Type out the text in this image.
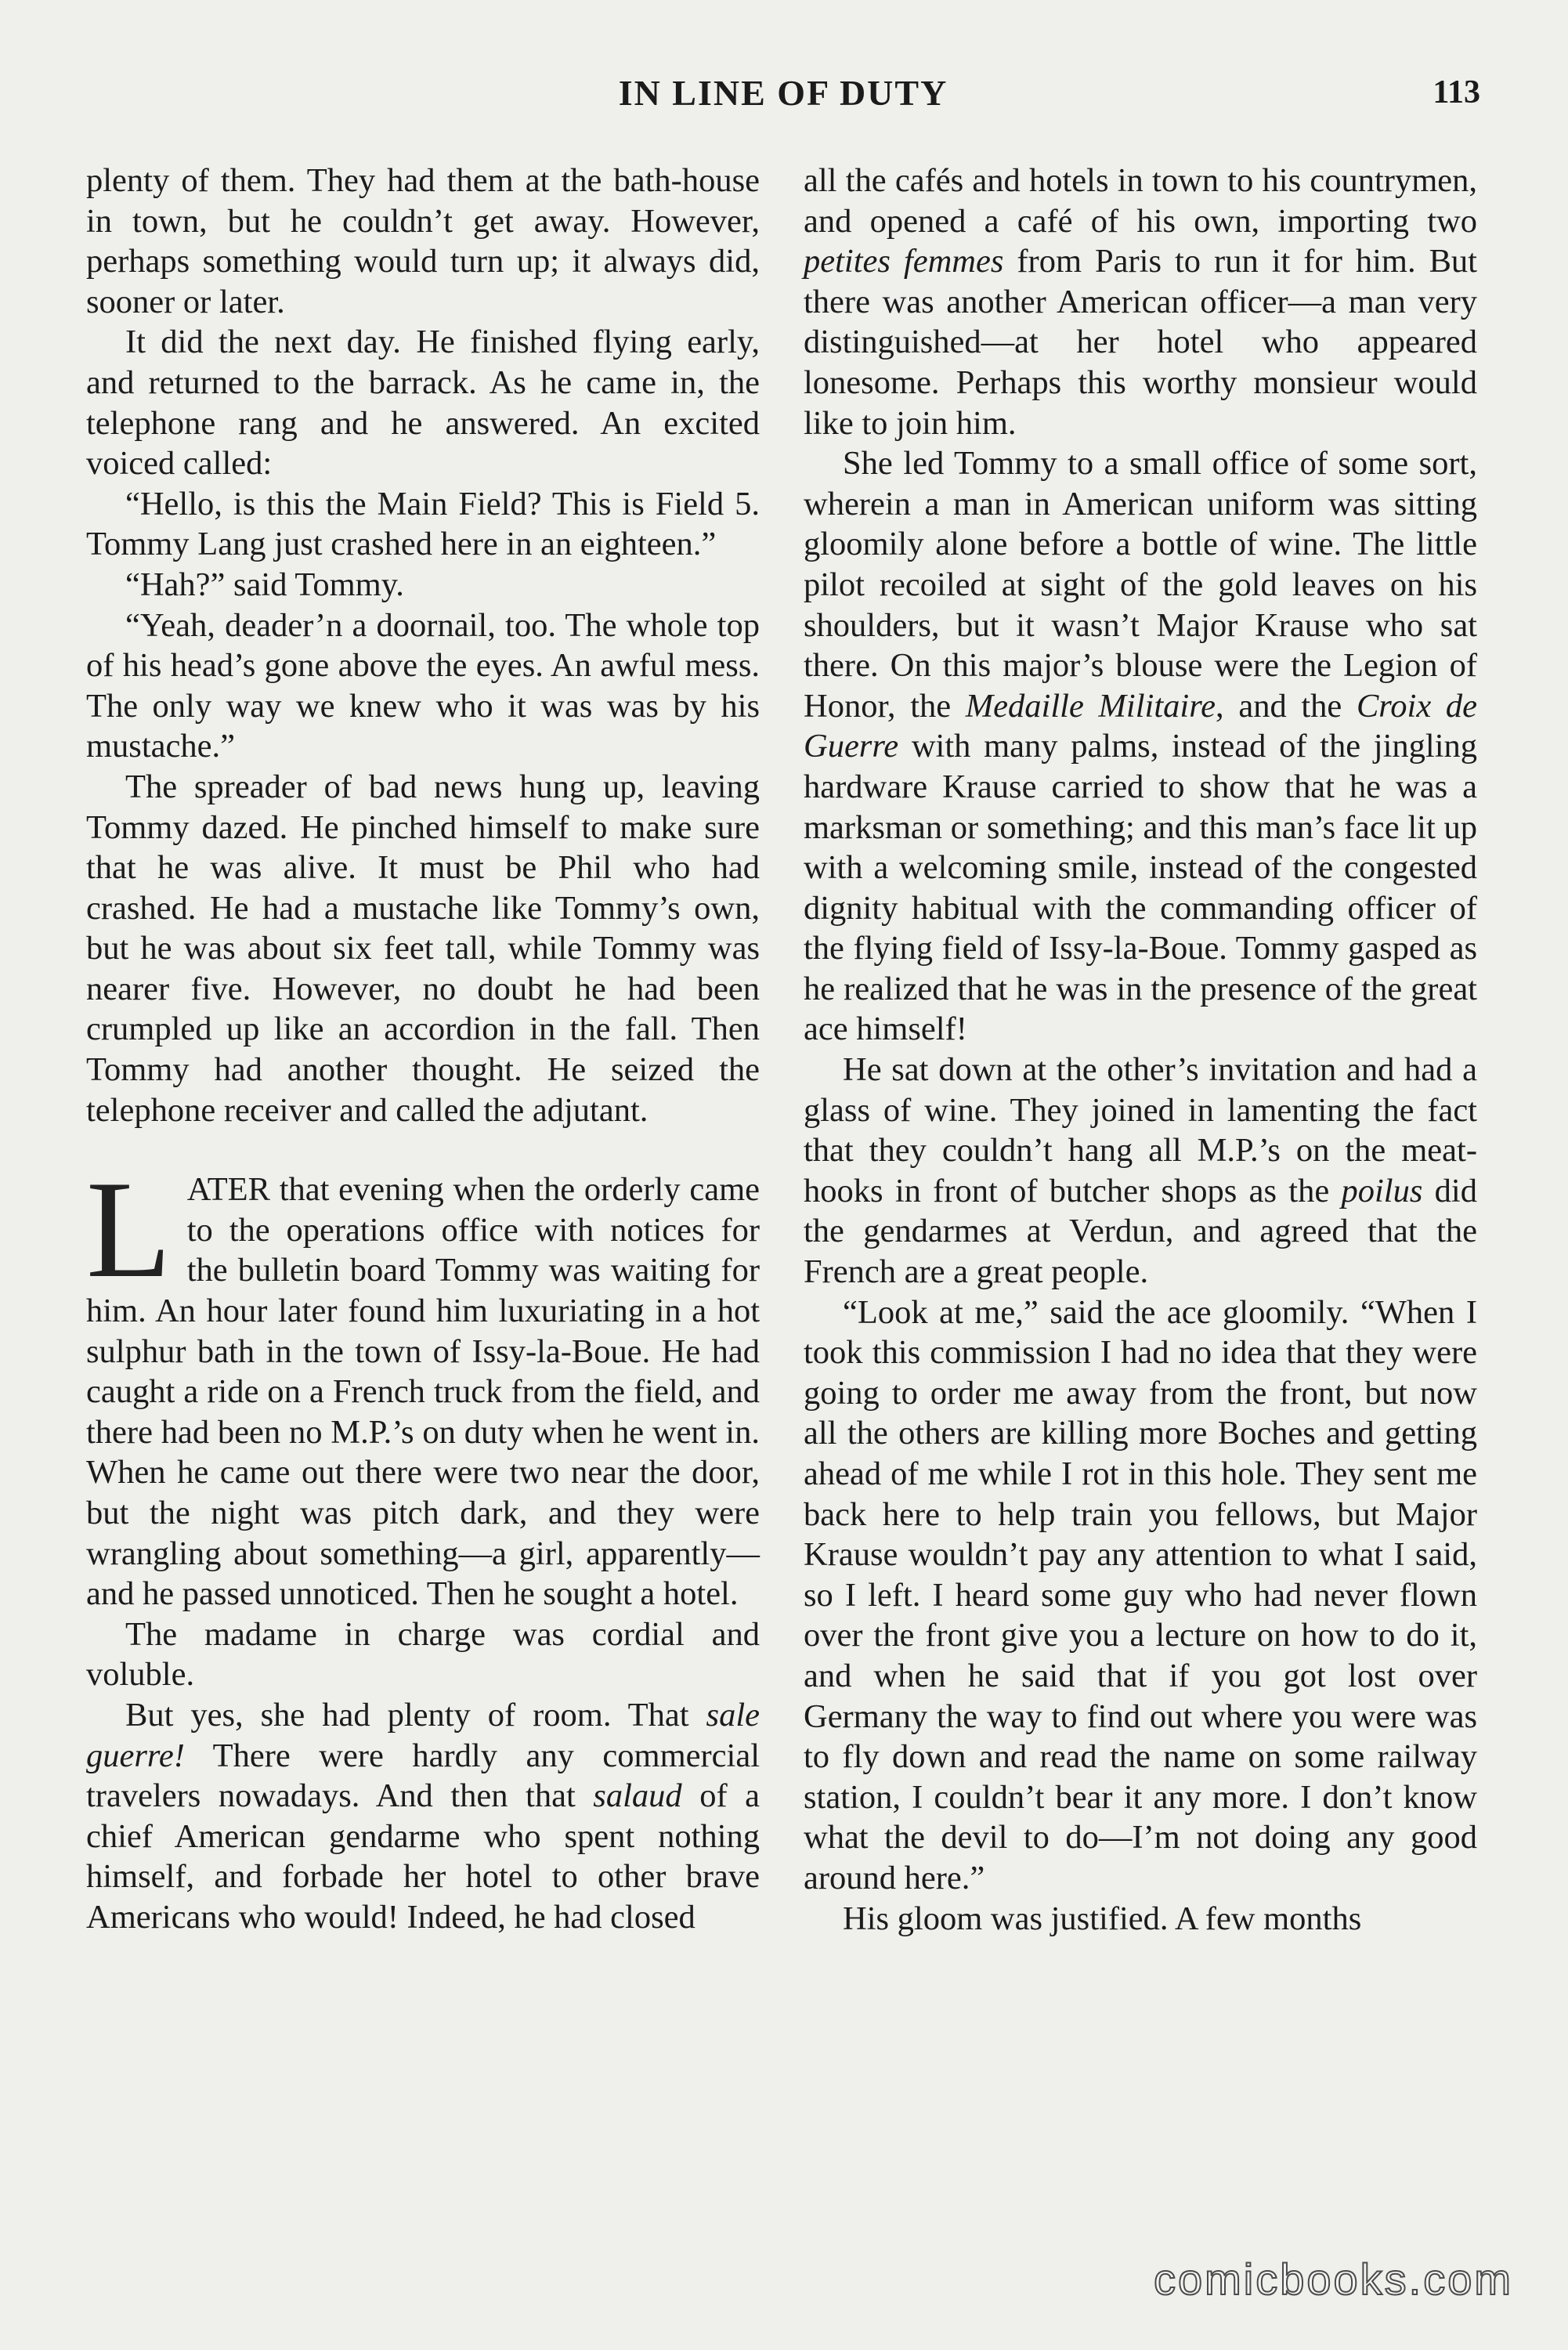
IN LINE OF DUTY	113

plenty of them. They had them at the bath-house in town, but he couldn’t get away. However, perhaps something would turn up; it always did, sooner or later.

It did the next day. He finished flying early, and returned to the barrack. As he came in, the telephone rang and he answered. An excited voiced called:

“Hello, is this the Main Field? This is Field 5. Tommy Lang just crashed here in an eighteen.”

“Hah?” said Tommy.

“Yeah, deader’n a doornail, too. The whole top of his head’s gone above the eyes. An awful mess. The only way we knew who it was was by his mustache.”

The spreader of bad news hung up, leaving Tommy dazed. He pinched himself to make sure that he was alive. It must be Phil who had crashed. He had a mustache like Tommy’s own, but he was about six feet tall, while Tommy was nearer five. However, no doubt he had been crumpled up like an accordion in the fall. Then Tommy had another thought. He seized the telephone receiver and called the adjutant.

LATER that evening when the orderly came to the operations office with notices for the bulletin board Tommy was waiting for him. An hour later found him luxuriating in a hot sulphur bath in the town of Issy-la-Boue. He had caught a ride on a French truck from the field, and there had been no M.P.’s on duty when he went in. When he came out there were two near the door, but the night was pitch dark, and they were wrangling about something—a girl, apparently—and he passed unnoticed. Then he sought a hotel.

The madame in charge was cordial and voluble.

But yes, she had plenty of room. That sale guerre! There were hardly any commercial travelers nowadays. And then that salaud of a chief American gendarme who spent nothing himself, and forbade her hotel to other brave Americans who would! Indeed, he had closed

all the cafés and hotels in town to his countrymen, and opened a café of his own, importing two petites femmes from Paris to run it for him. But there was another American officer—a man very distinguished—at her hotel who appeared lonesome. Perhaps this worthy monsieur would like to join him.

She led Tommy to a small office of some sort, wherein a man in American uniform was sitting gloomily alone before a bottle of wine. The little pilot recoiled at sight of the gold leaves on his shoulders, but it wasn’t Major Krause who sat there. On this major’s blouse were the Legion of Honor, the Medaille Militaire, and the Croix de Guerre with many palms, instead of the jingling hardware Krause carried to show that he was a marksman or something; and this man’s face lit up with a welcoming smile, instead of the congested dignity habitual with the commanding officer of the flying field of Issy-la-Boue. Tommy gasped as he realized that he was in the presence of the great ace himself!

He sat down at the other’s invitation and had a glass of wine. They joined in lamenting the fact that they couldn’t hang all M.P.’s on the meat-hooks in front of butcher shops as the poilus did the gendarmes at Verdun, and agreed that the French are a great people.

“Look at me,” said the ace gloomily. “When I took this commission I had no idea that they were going to order me away from the front, but now all the others are killing more Boches and getting ahead of me while I rot in this hole. They sent me back here to help train you fellows, but Major Krause wouldn’t pay any attention to what I said, so I left. I heard some guy who had never flown over the front give you a lecture on how to do it, and when he said that if you got lost over Germany the way to find out where you were was to fly down and read the name on some railway station, I couldn’t bear it any more. I don’t know what the devil to do—I’m not doing any good around here.”

His gloom was justified. A few months

comicbooks.com
